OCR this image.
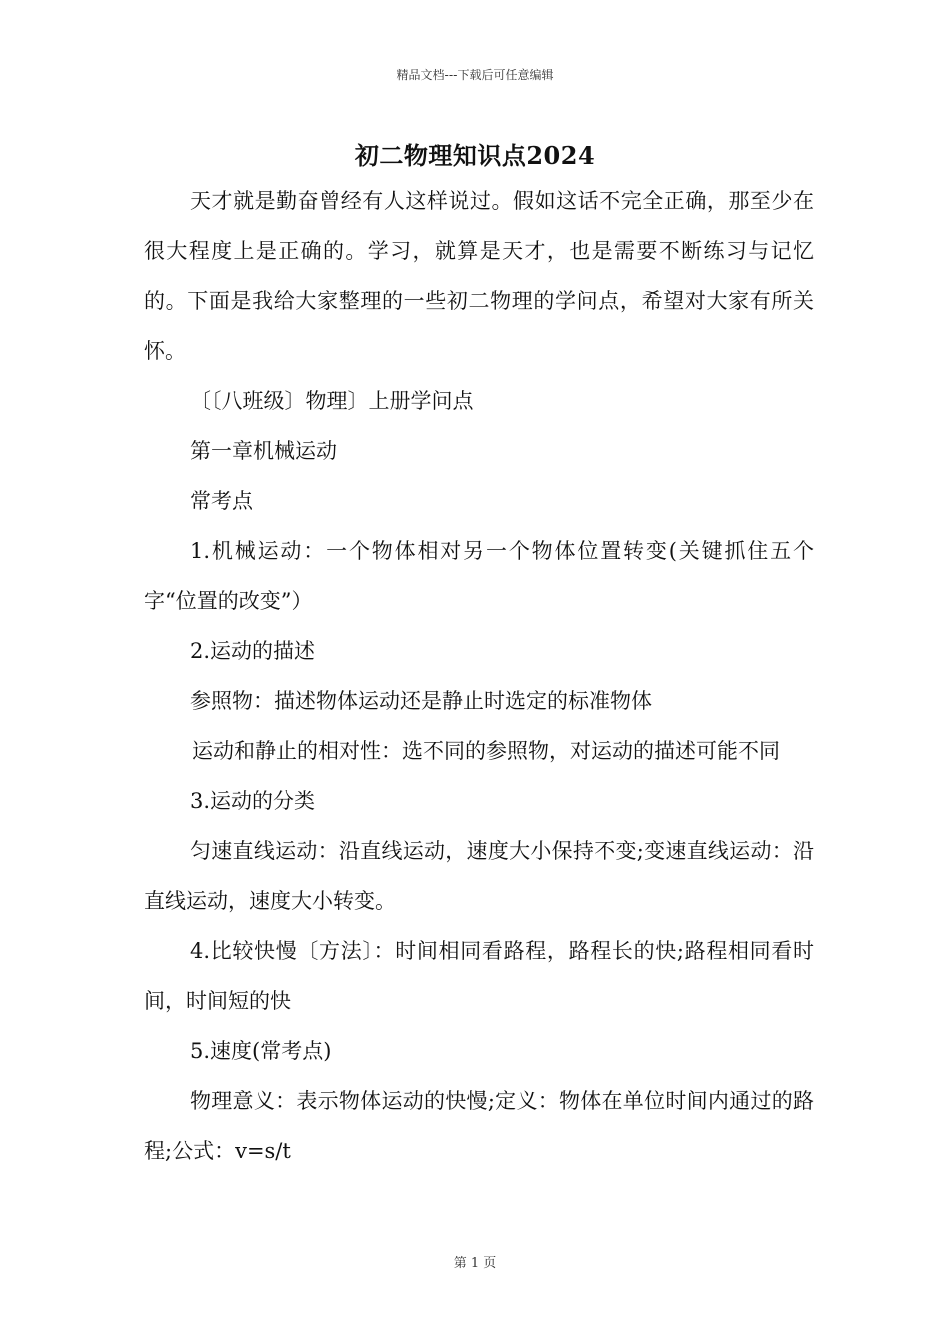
精品文档---下载后可任意编辑
初二物理知识点2024

天才就是勤奋曾经有人这样说过。假如这话不完全正确，那至少在很大程度上是正确的。学习，就算是天才，也是需要不断练习与记忆的。下面是我给大家整理的一些初二物理的学问点，希望对大家有所关怀。

〔〔八班级〕物理〕上册学问点

第一章机械运动

常考点

1.机械运动：一个物体相对另一个物体位置转变(关键抓住五个字“位置的改变”）

2.运动的描述

参照物：描述物体运动还是静止时选定的标准物体

运动和静止的相对性：选不同的参照物，对运动的描述可能不同

3.运动的分类

匀速直线运动：沿直线运动，速度大小保持不变;变速直线运动：沿直线运动，速度大小转变。

4.比较快慢〔方法〕：时间相同看路程，路程长的快;路程相同看时间，时间短的快

5.速度(常考点)

物理意义：表示物体运动的快慢;定义：物体在单位时间内通过的路程;公式：v=s/t

第 1 页
